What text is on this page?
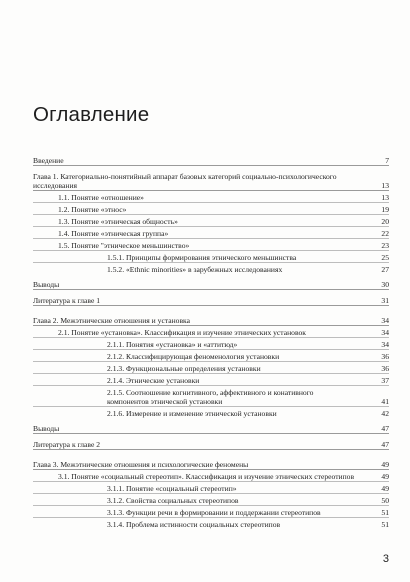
Оглавление
Введение	7
Глава 1. Категориально-понятийный аппарат базовых категорий социально-психологического исследования	13
1.1. Понятие «отношение»	13
1.2. Понятие «этнос»	19
1.3. Понятие «этническая общность»	20
1.4. Понятие «этническая группа»	22
1.5. Понятие "этническое меньшинство»	23
1.5.1. Принципы формирования этнического меньшинства	25
1.5.2. «Ethnic minorities» в зарубежных исследованиях	27
Выводы	30
Литература к главе 1	31
Глава 2. Межэтнические отношения и установка	34
2.1. Понятие «установка». Классификация и изучение этнических установок	34
2.1.1. Понятия «установка» и «аттитюд»	34
2.1.2. Классифицирующая феноменология установки	36
2.1.3. Функциональные определения установки	36
2.1.4. Этнические установки	37
2.1.5. Соотношение когнитивного, аффективного и конативного компонентов этнической установки	41
2.1.6. Измерение и изменение этнической установки	42
Выводы	47
Литература к главе 2	47
Глава 3. Межэтнические отношения и психологические феномены	49
3.1. Понятие «социальный стереотип». Классификация и изучение этнических стереотипов	49
3.1.1. Понятие «социальный стереотип»	49
3.1.2. Свойства социальных стереотипов	50
3.1.3. Функции речи в формировании и поддержании стереотипов	51
3.1.4. Проблема истинности социальных стереотипов	51
3
